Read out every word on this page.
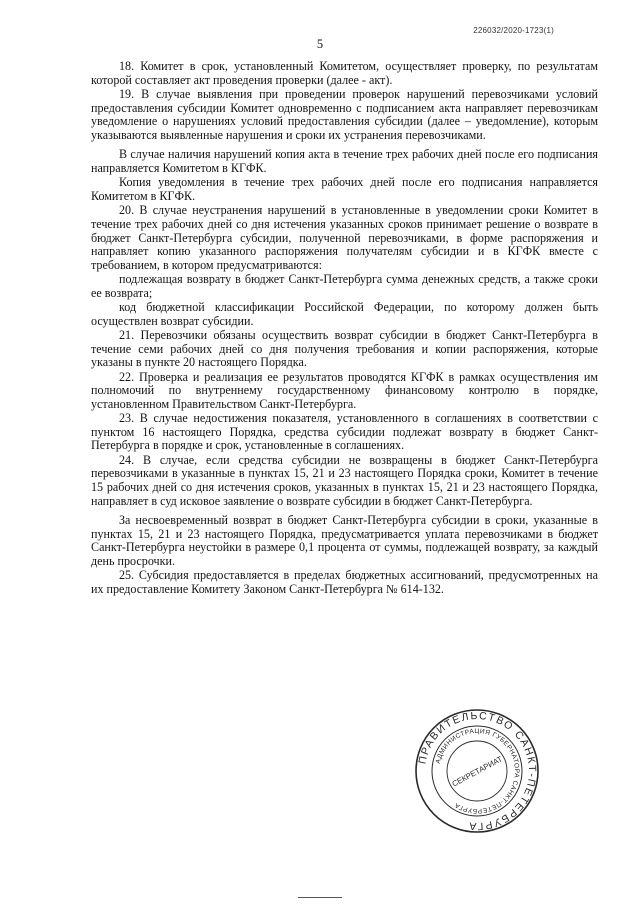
226032/2020-1723(1)
5

18. Комитет в срок, установленный Комитетом, осуществляет проверку, по результатам которой составляет акт проведения проверки (далее - акт).

19. В случае выявления при проведении проверок нарушений перевозчиками условий предоставления субсидии Комитет одновременно с подписанием акта направляет перевозчикам уведомление о нарушениях условий предоставления субсидии (далее – уведомление), которым указываются выявленные нарушения и сроки их устранения перевозчиками.

В случае наличия нарушений копия акта в течение трех рабочих дней после его подписания направляется Комитетом в КГФК.

Копия уведомления в течение трех рабочих дней после его подписания направляется Комитетом в КГФК.

20. В случае неустранения нарушений в установленные в уведомлении сроки Комитет в течение трех рабочих дней со дня истечения указанных сроков принимает решение о возврате в бюджет Санкт-Петербурга субсидии, полученной перевозчиками, в форме распоряжения и направляет копию указанного распоряжения получателям субсидии и в КГФК вместе с требованием, в котором предусматриваются:

подлежащая возврату в бюджет Санкт-Петербурга сумма денежных средств, а также сроки ее возврата;

код бюджетной классификации Российской Федерации, по которому должен быть осуществлен возврат субсидии.

21. Перевозчики обязаны осуществить возврат субсидии в бюджет Санкт-Петербурга в течение семи рабочих дней со дня получения требования и копии распоряжения, которые указаны в пункте 20 настоящего Порядка.

22. Проверка и реализация ее результатов проводятся КГФК в рамках осуществления им полномочий по внутреннему государственному финансовому контролю в порядке, установленном Правительством Санкт-Петербурга.

23. В случае недостижения показателя, установленного в соглашениях в соответствии с пунктом 16 настоящего Порядка, средства субсидии подлежат возврату в бюджет Санкт-Петербурга в порядке и срок, установленные в соглашениях.

24. В случае, если средства субсидии не возвращены в бюджет Санкт-Петербурга перевозчиками в указанные в пунктах 15, 21 и 23 настоящего Порядка сроки, Комитет в течение 15 рабочих дней со дня истечения сроков, указанных в пунктах 15, 21 и 23 настоящего Порядка, направляет в суд исковое заявление о возврате субсидии в бюджет Санкт-Петербурга.

За несвоевременный возврат в бюджет Санкт-Петербурга субсидии в сроки, указанные в пунктах 15, 21 и 23 настоящего Порядка, предусматривается уплата перевозчиками в бюджет Санкт-Петербурга неустойки в размере 0,1 процента от суммы, подлежащей возврату, за каждый день просрочки.

25. Субсидия предоставляется в пределах бюджетных ассигнований, предусмотренных на их предоставление Комитету Законом Санкт-Петербурга № 614-132.

ПРАВИТЕЛЬСТВО САНКТ-ПЕТЕРБУРГА
АДМИНИСТРАЦИЯ ГУБЕРНАТОРА САНКТ-ПЕТЕРБУРГА
СЕКРЕТАРИАТ
